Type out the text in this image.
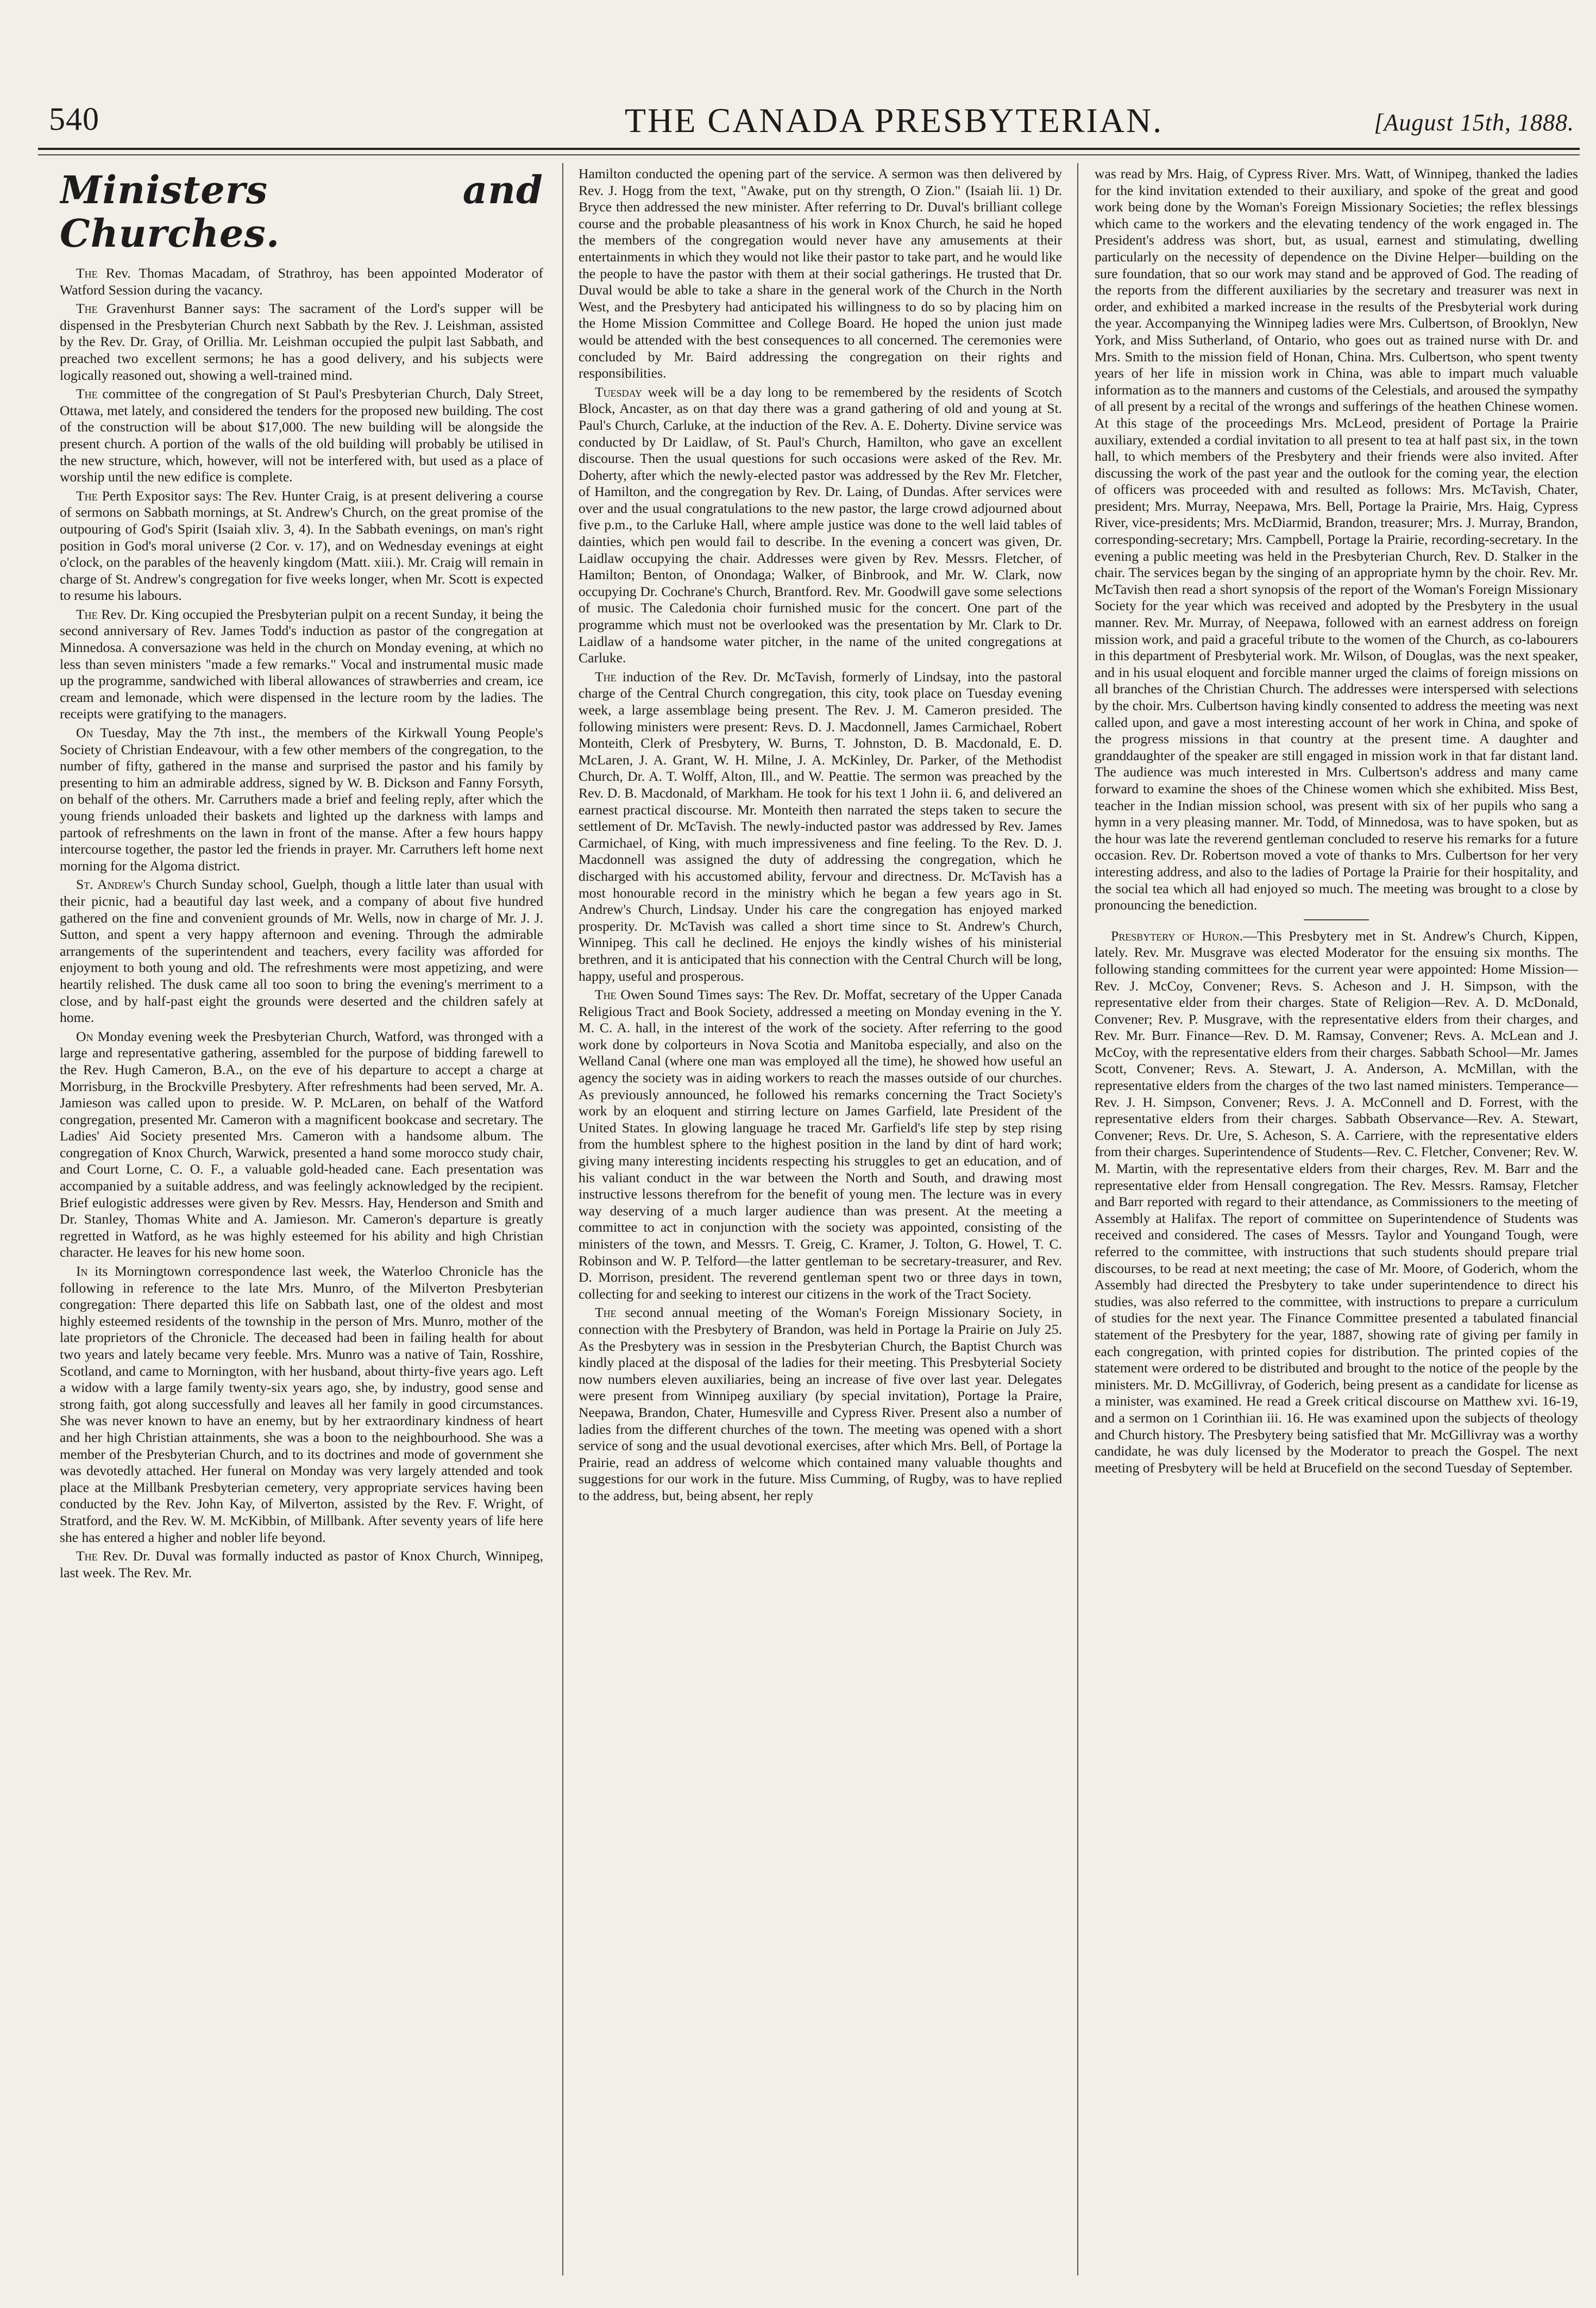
540	THE CANADA PRESBYTERIAN.	[August 15th, 1888.
Ministers and Churches.

The Rev. Thomas Macadam, of Strathroy, has been appointed Moderator of Watford Session during the vacancy.

The Gravenhurst Banner says: The sacrament of the Lord's supper will be dispensed in the Presbyterian Church next Sabbath by the Rev. J. Leishman, assisted by the Rev. Dr. Gray, of Orillia. Mr. Leishman occupied the pulpit last Sabbath, and preached two excellent sermons; he has a good delivery, and his subjects were logically reasoned out, showing a well-trained mind.

The committee of the congregation of St Paul's Presbyterian Church, Daly Street, Ottawa, met lately, and considered the tenders for the proposed new building. The cost of the construction will be about $17,000. The new building will be alongside the present church. A portion of the walls of the old building will probably be utilised in the new structure, which, however, will not be interfered with, but used as a place of worship until the new edifice is complete.

The Perth Expositor says: The Rev. Hunter Craig, is at present delivering a course of sermons on Sabbath mornings, at St. Andrew's Church, on the great promise of the outpouring of God's Spirit (Isaiah xliv. 3, 4). In the Sabbath evenings, on man's right position in God's moral universe (2 Cor. v. 17), and on Wednesday evenings at eight o'clock, on the parables of the heavenly kingdom (Matt. xiii.). Mr. Craig will remain in charge of St. Andrew's congregation for five weeks longer, when Mr. Scott is expected to resume his labours.

The Rev. Dr. King occupied the Presbyterian pulpit on a recent Sunday, it being the second anniversary of Rev. James Todd's induction as pastor of the congregation at Minnedosa. A conversazione was held in the church on Monday evening, at which no less than seven ministers "made a few remarks." Vocal and instrumental music made up the programme, sandwiched with liberal allowances of strawberries and cream, ice cream and lemonade, which were dispensed in the lecture room by the ladies. The receipts were gratifying to the managers.

On Tuesday, May the 7th inst., the members of the Kirkwall Young People's Society of Christian Endeavour, with a few other members of the congregation, to the number of fifty, gathered in the manse and surprised the pastor and his family by presenting to him an admirable address, signed by W. B. Dickson and Fanny Forsyth, on behalf of the others. Mr. Carruthers made a brief and feeling reply, after which the young friends unloaded their baskets and lighted up the darkness with lamps and partook of refreshments on the lawn in front of the manse. After a few hours happy intercourse together, the pastor led the friends in prayer. Mr. Carruthers left home next morning for the Algoma district.

St. Andrew's Church Sunday school, Guelph, though a little later than usual with their picnic, had a beautiful day last week, and a company of about five hundred gathered on the fine and convenient grounds of Mr. Wells, now in charge of Mr. J. J. Sutton, and spent a very happy afternoon and evening. Through the admirable arrangements of the superintendent and teachers, every facility was afforded for enjoyment to both young and old. The refreshments were most appetizing, and were heartily relished. The dusk came all too soon to bring the evening's merriment to a close, and by half-past eight the grounds were deserted and the children safely at home.

On Monday evening week the Presbyterian Church, Watford, was thronged with a large and representative gathering, assembled for the purpose of bidding farewell to the Rev. Hugh Cameron, B.A., on the eve of his departure to accept a charge at Morrisburg, in the Brockville Presbytery. After refreshments had been served, Mr. A. Jamieson was called upon to preside. W. P. McLaren, on behalf of the Watford congregation, presented Mr. Cameron with a magnificent bookcase and secretary. The Ladies' Aid Society presented Mrs. Cameron with a handsome album. The congregation of Knox Church, Warwick, presented a hand some morocco study chair, and Court Lorne, C. O. F., a valuable gold-headed cane. Each presentation was accompanied by a suitable address, and was feelingly acknowledged by the recipient. Brief eulogistic addresses were given by Rev. Messrs. Hay, Henderson and Smith and Dr. Stanley, Thomas White and A. Jamieson. Mr. Cameron's departure is greatly regretted in Watford, as he was highly esteemed for his ability and high Christian character. He leaves for his new home soon.

In its Morningtown correspondence last week, the Waterloo Chronicle has the following in reference to the late Mrs. Munro, of the Milverton Presbyterian congregation: There departed this life on Sabbath last, one of the oldest and most highly esteemed residents of the township in the person of Mrs. Munro, mother of the late proprietors of the Chronicle. The deceased had been in failing health for about two years and lately became very feeble. Mrs. Munro was a native of Tain, Rosshire, Scotland, and came to Mornington, with her husband, about thirty-five years ago. Left a widow with a large family twenty-six years ago, she, by industry, good sense and strong faith, got along successfully and leaves all her family in good circumstances. She was never known to have an enemy, but by her extraordinary kindness of heart and her high Christian attainments, she was a boon to the neighbourhood. She was a member of the Presbyterian Church, and to its doctrines and mode of government she was devotedly attached. Her funeral on Monday was very largely attended and took place at the Millbank Presbyterian cemetery, very appropriate services having been conducted by the Rev. John Kay, of Milverton, assisted by the Rev. F. Wright, of Stratford, and the Rev. W. M. McKibbin, of Millbank. After seventy years of life here she has entered a higher and nobler life beyond.

The Rev. Dr. Duval was formally inducted as pastor of Knox Church, Winnipeg, last week. The Rev. Mr.

Hamilton conducted the opening part of the service. A sermon was then delivered by Rev. J. Hogg from the text, "Awake, put on thy strength, O Zion." (Isaiah lii. 1) Dr. Bryce then addressed the new minister. After referring to Dr. Duval's brilliant college course and the probable pleasantness of his work in Knox Church, he said he hoped the members of the congregation would never have any amusements at their entertainments in which they would not like their pastor to take part, and he would like the people to have the pastor with them at their social gatherings. He trusted that Dr. Duval would be able to take a share in the general work of the Church in the North West, and the Presbytery had anticipated his willingness to do so by placing him on the Home Mission Committee and College Board. He hoped the union just made would be attended with the best consequences to all concerned. The ceremonies were concluded by Mr. Baird addressing the congregation on their rights and responsibilities.

Tuesday week will be a day long to be remembered by the residents of Scotch Block, Ancaster, as on that day there was a grand gathering of old and young at St. Paul's Church, Carluke, at the induction of the Rev. A. E. Doherty. Divine service was conducted by Dr Laidlaw, of St. Paul's Church, Hamilton, who gave an excellent discourse. Then the usual questions for such occasions were asked of the Rev. Mr. Doherty, after which the newly-elected pastor was addressed by the Rev Mr. Fletcher, of Hamilton, and the congregation by Rev. Dr. Laing, of Dundas. After services were over and the usual congratulations to the new pastor, the large crowd adjourned about five p.m., to the Carluke Hall, where ample justice was done to the well laid tables of dainties, which pen would fail to describe. In the evening a concert was given, Dr. Laidlaw occupying the chair. Addresses were given by Rev. Messrs. Fletcher, of Hamilton; Benton, of Onondaga; Walker, of Binbrook, and Mr. W. Clark, now occupying Dr. Cochrane's Church, Brantford. Rev. Mr. Goodwill gave some selections of music. The Caledonia choir furnished music for the concert. One part of the programme which must not be overlooked was the presentation by Mr. Clark to Dr. Laidlaw of a handsome water pitcher, in the name of the united congregations at Carluke.

The induction of the Rev. Dr. McTavish, formerly of Lindsay, into the pastoral charge of the Central Church congregation, this city, took place on Tuesday evening week, a large assemblage being present. The Rev. J. M. Cameron presided. The following ministers were present: Revs. D. J. Macdonnell, James Carmichael, Robert Monteith, Clerk of Presbytery, W. Burns, T. Johnston, D. B. Macdonald, E. D. McLaren, J. A. Grant, W. H. Milne, J. A. McKinley, Dr. Parker, of the Methodist Church, Dr. A. T. Wolff, Alton, Ill., and W. Peattie. The sermon was preached by the Rev. D. B. Macdonald, of Markham. He took for his text 1 John ii. 6, and delivered an earnest practical discourse. Mr. Monteith then narrated the steps taken to secure the settlement of Dr. McTavish. The newly-inducted pastor was addressed by Rev. James Carmichael, of King, with much impressiveness and fine feeling. To the Rev. D. J. Macdonnell was assigned the duty of addressing the congregation, which he discharged with his accustomed ability, fervour and directness. Dr. McTavish has a most honourable record in the ministry which he began a few years ago in St. Andrew's Church, Lindsay. Under his care the congregation has enjoyed marked prosperity. Dr. McTavish was called a short time since to St. Andrew's Church, Winnipeg. This call he declined. He enjoys the kindly wishes of his ministerial brethren, and it is anticipated that his connection with the Central Church will be long, happy, useful and prosperous.

The Owen Sound Times says: The Rev. Dr. Moffat, secretary of the Upper Canada Religious Tract and Book Society, addressed a meeting on Monday evening in the Y. M. C. A. hall, in the interest of the work of the society. After referring to the good work done by colporteurs in Nova Scotia and Manitoba especially, and also on the Welland Canal (where one man was employed all the time), he showed how useful an agency the society was in aiding workers to reach the masses outside of our churches. As previously announced, he followed his remarks concerning the Tract Society's work by an eloquent and stirring lecture on James Garfield, late President of the United States. In glowing language he traced Mr. Garfield's life step by step rising from the humblest sphere to the highest position in the land by dint of hard work; giving many interesting incidents respecting his struggles to get an education, and of his valiant conduct in the war between the North and South, and drawing most instructive lessons therefrom for the benefit of young men. The lecture was in every way deserving of a much larger audience than was present. At the meeting a committee to act in conjunction with the society was appointed, consisting of the ministers of the town, and Messrs. T. Greig, C. Kramer, J. Tolton, G. Howel, T. C. Robinson and W. P. Telford—the latter gentleman to be secretary-treasurer, and Rev. D. Morrison, president. The reverend gentleman spent two or three days in town, collecting for and seeking to interest our citizens in the work of the Tract Society.

The second annual meeting of the Woman's Foreign Missionary Society, in connection with the Presbytery of Brandon, was held in Portage la Prairie on July 25. As the Presbytery was in session in the Presbyterian Church, the Baptist Church was kindly placed at the disposal of the ladies for their meeting. This Presbyterial Society now numbers eleven auxiliaries, being an increase of five over last year. Delegates were present from Winnipeg auxiliary (by special invitation), Portage la Praire, Neepawa, Brandon, Chater, Humesville and Cypress River. Present also a number of ladies from the different churches of the town. The meeting was opened with a short service of song and the usual devotional exercises, after which Mrs. Bell, of Portage la Prairie, read an address of welcome which contained many valuable thoughts and suggestions for our work in the future. Miss Cumming, of Rugby, was to have replied to the address, but, being absent, her reply

was read by Mrs. Haig, of Cypress River. Mrs. Watt, of Winnipeg, thanked the ladies for the kind invitation extended to their auxiliary, and spoke of the great and good work being done by the Woman's Foreign Missionary Societies; the reflex blessings which came to the workers and the elevating tendency of the work engaged in. The President's address was short, but, as usual, earnest and stimulating, dwelling particularly on the necessity of dependence on the Divine Helper—building on the sure foundation, that so our work may stand and be approved of God. The reading of the reports from the different auxiliaries by the secretary and treasurer was next in order, and exhibited a marked increase in the results of the Presbyterial work during the year. Accompanying the Winnipeg ladies were Mrs. Culbertson, of Brooklyn, New York, and Miss Sutherland, of Ontario, who goes out as trained nurse with Dr. and Mrs. Smith to the mission field of Honan, China. Mrs. Culbertson, who spent twenty years of her life in mission work in China, was able to impart much valuable information as to the manners and customs of the Celestials, and aroused the sympathy of all present by a recital of the wrongs and sufferings of the heathen Chinese women. At this stage of the proceedings Mrs. McLeod, president of Portage la Prairie auxiliary, extended a cordial invitation to all present to tea at half past six, in the town hall, to which members of the Presbytery and their friends were also invited. After discussing the work of the past year and the outlook for the coming year, the election of officers was proceeded with and resulted as follows: Mrs. McTavish, Chater, president; Mrs. Murray, Neepawa, Mrs. Bell, Portage la Prairie, Mrs. Haig, Cypress River, vice-presidents; Mrs. McDiarmid, Brandon, treasurer; Mrs. J. Murray, Brandon, corresponding-secretary; Mrs. Campbell, Portage la Prairie, recording-secretary. In the evening a public meeting was held in the Presbyterian Church, Rev. D. Stalker in the chair. The services began by the singing of an appropriate hymn by the choir. Rev. Mr. McTavish then read a short synopsis of the report of the Woman's Foreign Missionary Society for the year which was received and adopted by the Presbytery in the usual manner. Rev. Mr. Murray, of Neepawa, followed with an earnest address on foreign mission work, and paid a graceful tribute to the women of the Church, as co-labourers in this department of Presbyterial work. Mr. Wilson, of Douglas, was the next speaker, and in his usual eloquent and forcible manner urged the claims of foreign missions on all branches of the Christian Church. The addresses were interspersed with selections by the choir. Mrs. Culbertson having kindly consented to address the meeting was next called upon, and gave a most interesting account of her work in China, and spoke of the progress missions in that country at the present time. A daughter and granddaughter of the speaker are still engaged in mission work in that far distant land. The audience was much interested in Mrs. Culbertson's address and many came forward to examine the shoes of the Chinese women which she exhibited. Miss Best, teacher in the Indian mission school, was present with six of her pupils who sang a hymn in a very pleasing manner. Mr. Todd, of Minnedosa, was to have spoken, but as the hour was late the reverend gentleman concluded to reserve his remarks for a future occasion. Rev. Dr. Robertson moved a vote of thanks to Mrs. Culbertson for her very interesting address, and also to the ladies of Portage la Prairie for their hospitality, and the social tea which all had enjoyed so much. The meeting was brought to a close by pronouncing the benediction.

Presbytery of Huron.—This Presbytery met in St. Andrew's Church, Kippen, lately. Rev. Mr. Musgrave was elected Moderator for the ensuing six months. The following standing committees for the current year were appointed: Home Mission—Rev. J. McCoy, Convener; Revs. S. Acheson and J. H. Simpson, with the representative elder from their charges. State of Religion—Rev. A. D. McDonald, Convener; Rev. P. Musgrave, with the representative elders from their charges, and Rev. Mr. Burr. Finance—Rev. D. M. Ramsay, Convener; Revs. A. McLean and J. McCoy, with the representative elders from their charges. Sabbath School—Mr. James Scott, Convener; Revs. A. Stewart, J. A. Anderson, A. McMillan, with the representative elders from the charges of the two last named ministers. Temperance—Rev. J. H. Simpson, Convener; Revs. J. A. McConnell and D. Forrest, with the representative elders from their charges. Sabbath Observance—Rev. A. Stewart, Convener; Revs. Dr. Ure, S. Acheson, S. A. Carriere, with the representative elders from their charges. Superintendence of Students—Rev. C. Fletcher, Convener; Rev. W. M. Martin, with the representative elders from their charges, Rev. M. Barr and the representative elder from Hensall congregation. The Rev. Messrs. Ramsay, Fletcher and Barr reported with regard to their attendance, as Commissioners to the meeting of Assembly at Halifax. The report of committee on Superintendence of Students was received and considered. The cases of Messrs. Taylor and Youngand Tough, were referred to the committee, with instructions that such students should prepare trial discourses, to be read at next meeting; the case of Mr. Moore, of Goderich, whom the Assembly had directed the Presbytery to take under superintendence to direct his studies, was also referred to the committee, with instructions to prepare a curriculum of studies for the next year. The Finance Committee presented a tabulated financial statement of the Presbytery for the year, 1887, showing rate of giving per family in each congregation, with printed copies for distribution. The printed copies of the statement were ordered to be distributed and brought to the notice of the people by the ministers. Mr. D. McGillivray, of Goderich, being present as a candidate for license as a minister, was examined. He read a Greek critical discourse on Matthew xvi. 16-19, and a sermon on 1 Corinthian iii. 16. He was examined upon the subjects of theology and Church history. The Presbytery being satisfied that Mr. McGillivray was a worthy candidate, he was duly licensed by the Moderator to preach the Gospel. The next meeting of Presbytery will be held at Brucefield on the second Tuesday of September.
